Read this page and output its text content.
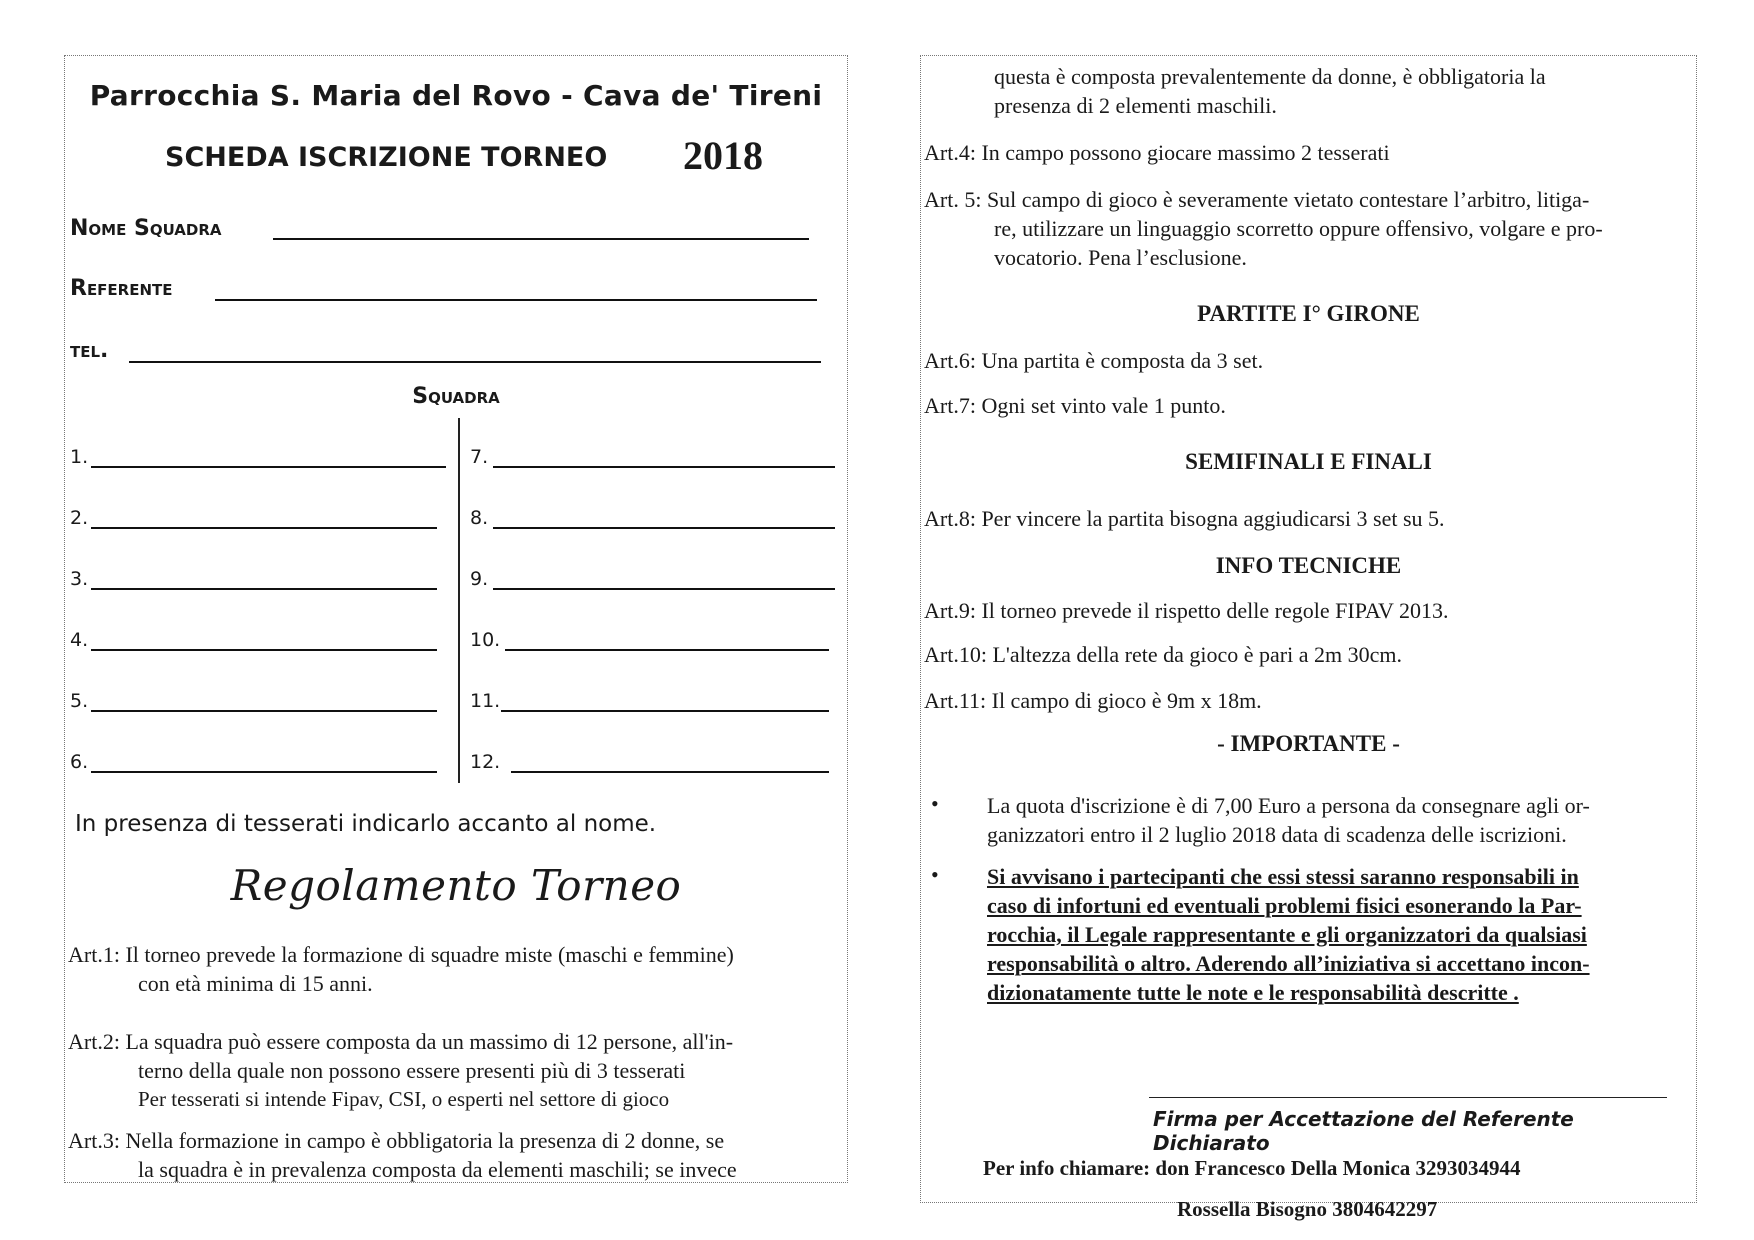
Parrocchia S. Maria del Rovo - Cava de' Tireni
SCHEDA ISCRIZIONE TORNEO 2018
Nome Squadra
Referente
tel.
Squadra
1.
2.
3.
4.
5.
6.
7.
8.
9.
10.
11.
12.
In presenza di tesserati indicarlo accanto al nome.
Regolamento Torneo
Art.1: Il torneo prevede la formazione di squadre miste (maschi e femmine)
con età minima di 15 anni.
Art.2: La squadra può essere composta da un massimo di 12 persone, all'in-
terno della quale non possono essere presenti più di 3 tesserati
Per tesserati si intende Fipav, CSI, o esperti nel settore di gioco
Art.3: Nella formazione in campo è obbligatoria la presenza di 2 donne, se
la squadra è in prevalenza composta da elementi maschili; se invece
questa è composta prevalentemente da donne, è obbligatoria la
presenza di 2 elementi maschili.
Art.4: In campo possono giocare massimo 2 tesserati
Art. 5: Sul campo di gioco è severamente vietato contestare l’arbitro, litiga-
re, utilizzare un linguaggio scorretto oppure offensivo, volgare e pro-
vocatorio. Pena l’esclusione.
PARTITE I° GIRONE
Art.6: Una partita è composta da 3 set.
Art.7: Ogni set vinto vale 1 punto.
SEMIFINALI E FINALI
Art.8: Per vincere la partita bisogna aggiudicarsi 3 set su 5.
INFO TECNICHE
Art.9: Il torneo prevede il rispetto delle regole FIPAV 2013.
Art.10: L'altezza della rete da gioco è pari a 2m 30cm.
Art.11: Il campo di gioco è 9m x 18m.
- IMPORTANTE -
• La quota d'iscrizione è di 7,00 Euro a persona da consegnare agli or-
ganizzatori entro il 2 luglio 2018 data di scadenza delle iscrizioni.
• Si avvisano i partecipanti che essi stessi saranno responsabili in
caso di infortuni ed eventuali problemi fisici esonerando la Par-
rocchia, il Legale rappresentante e gli organizzatori da qualsiasi
responsabilità o altro. Aderendo all’iniziativa si accettano incon-
dizionatamente tutte le note e le responsabilità descritte .
Firma per Accettazione del Referente Dichiarato
Per info chiamare: don Francesco Della Monica 3293034944
Rossella Bisogno 3804642297
